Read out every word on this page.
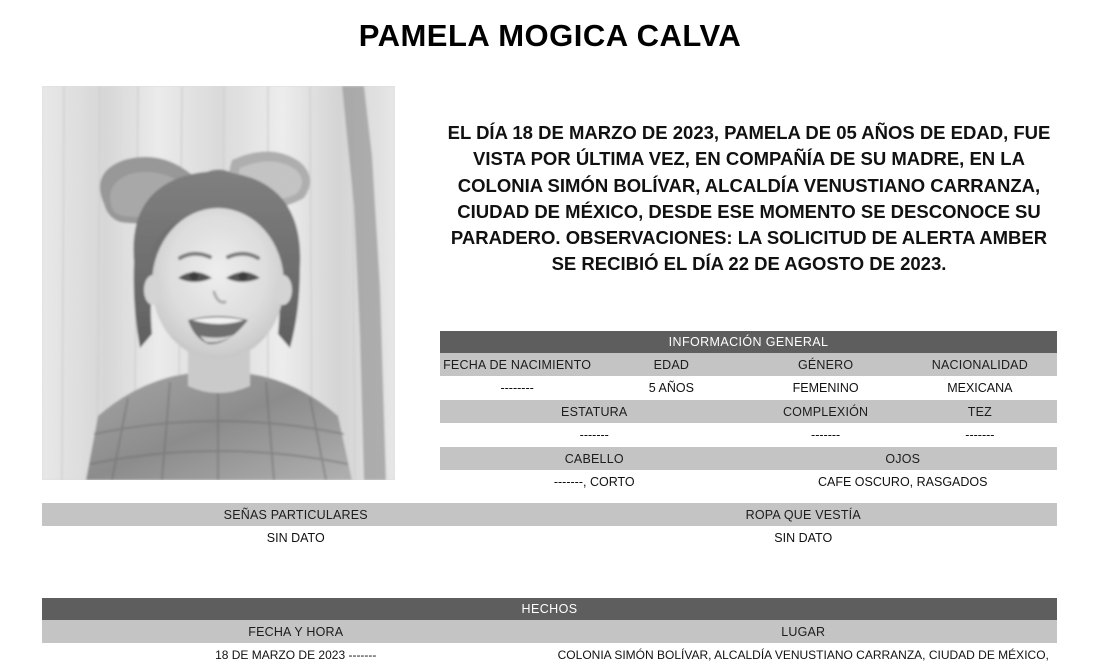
PAMELA MOGICA CALVA
EL DÍA 18 DE MARZO DE 2023, PAMELA DE 05 AÑOS DE EDAD, FUE VISTA POR ÚLTIMA VEZ, EN COMPAÑÍA DE SU MADRE, EN LA COLONIA SIMÓN BOLÍVAR, ALCALDÍA VENUSTIANO CARRANZA, CIUDAD DE MÉXICO, DESDE ESE MOMENTO SE DESCONOCE SU PARADERO. OBSERVACIONES: LA SOLICITUD DE ALERTA AMBER SE RECIBIÓ EL DÍA 22 DE AGOSTO DE 2023.
INFORMACIÓN GENERAL			
FECHA DE NACIMIENTO	EDAD	GÉNERO	NACIONALIDAD
--------	5 AÑOS	FEMENINO	MEXICANA
ESTATURA		COMPLEXIÓN	TEZ
-------		-------	-------
CABELLO		OJOS	
-------, CORTO		CAFE OSCURO, RASGADOS	
SEÑAS PARTICULARES	ROPA QUE VESTÍA
SIN DATO	SIN DATO
HECHOS	
FECHA Y HORA	LUGAR
18 DE MARZO DE 2023 -------	COLONIA SIMÓN BOLÍVAR, ALCALDÍA VENUSTIANO CARRANZA, CIUDAD DE MÉXICO,
